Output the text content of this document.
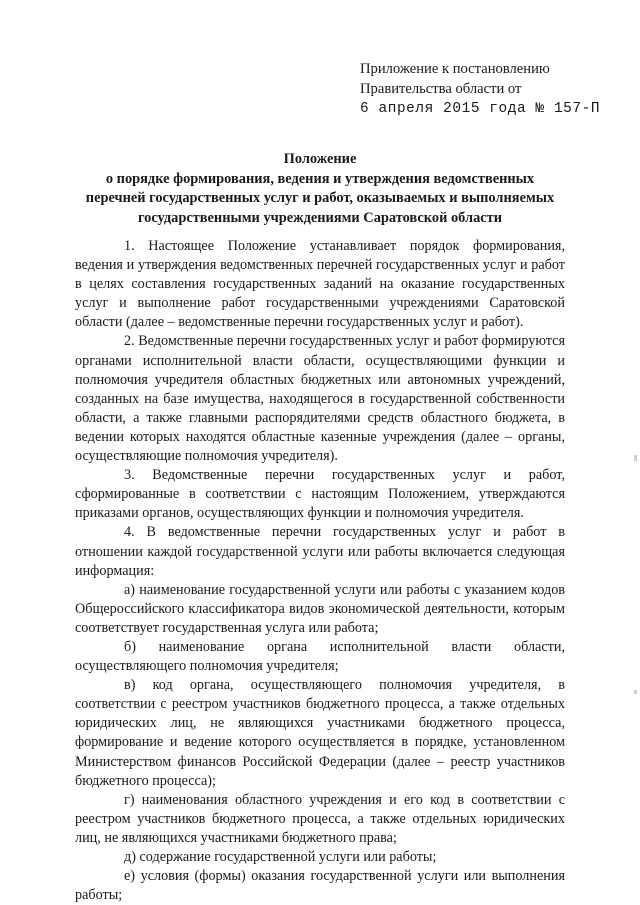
Приложение к постановлению
Правительства области от
6 апреля 2015 года № 157-П
Положение
о порядке формирования, ведения и утверждения ведомственных
перечней государственных услуг и работ, оказываемых и выполняемых
государственными учреждениями Саратовской области

1. Настоящее Положение устанавливает порядок формирования, ведения и утверждения ведомственных перечней государственных услуг и работ в целях составления государственных заданий на оказание государственных услуг и выполнение работ государственными учреждениями Саратовской области (далее – ведомственные перечни государственных услуг и работ).

2. Ведомственные перечни государственных услуг и работ формируются органами исполнительной власти области, осуществляющими функции и полномочия учредителя областных бюджетных или автономных учреждений, созданных на базе имущества, находящегося в государственной собственности области, а также главными распорядителями средств областного бюджета, в ведении которых находятся областные казенные учреждения (далее – органы, осуществляющие полномочия учредителя).

3. Ведомственные перечни государственных услуг и работ, сформированные в соответствии с настоящим Положением, утверждаются приказами органов, осуществляющих функции и полномочия учредителя.

4. В ведомственные перечни государственных услуг и работ в отношении каждой государственной услуги или работы включается следующая информация:

а) наименование государственной услуги или работы с указанием кодов Общероссийского классификатора видов экономической деятельности, которым соответствует государственная услуга или работа;

б) наименование органа исполнительной власти области, осуществляющего полномочия учредителя;

в) код органа, осуществляющего полномочия учредителя, в соответствии с реестром участников бюджетного процесса, а также отдельных юридических лиц, не являющихся участниками бюджетного процесса, формирование и ведение которого осуществляется в порядке, установленном Министерством финансов Российской Федерации (далее – реестр участников бюджетного процесса);

г) наименования областного учреждения и его код в соответствии с реестром участников бюджетного процесса, а также отдельных юридических лиц, не являющихся участниками бюджетного права;

д) содержание государственной услуги или работы;

е) условия (формы) оказания государственной услуги или выполнения работы;
